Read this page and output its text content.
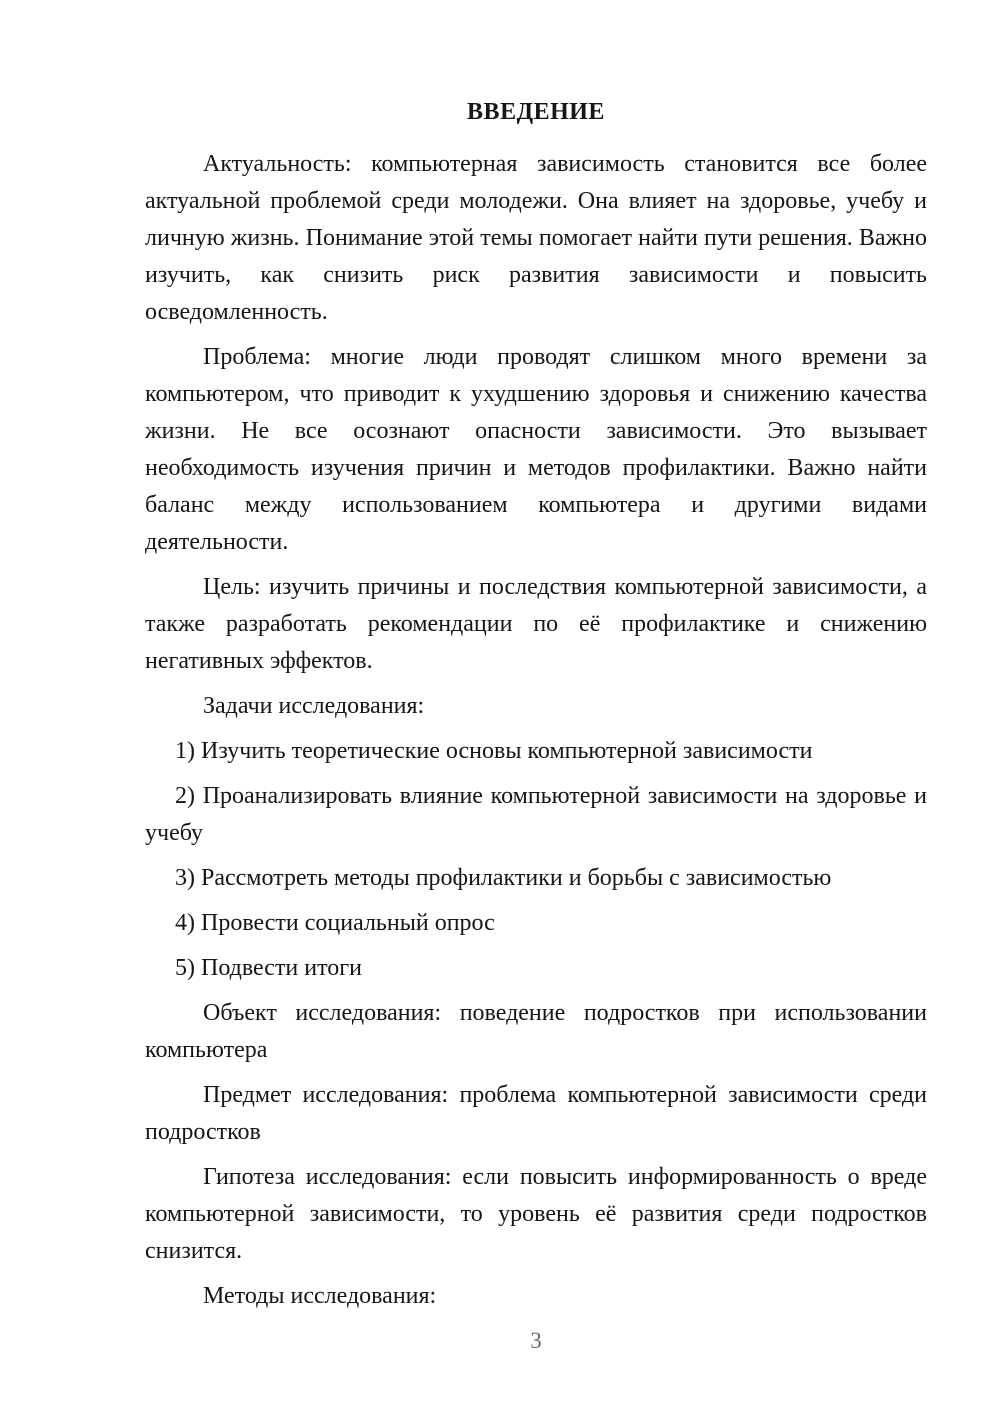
ВВЕДЕНИЕ

Актуальность: компьютерная зависимость становится все более актуальной проблемой среди молодежи. Она влияет на здоровье, учебу и личную жизнь. Понимание этой темы помогает найти пути решения. Важно изучить, как снизить риск развития зависимости и повысить осведомленность.

Проблема: многие люди проводят слишком много времени за компьютером, что приводит к ухудшению здоровья и снижению качества жизни. Не все осознают опасности зависимости. Это вызывает необходимость изучения причин и методов профилактики. Важно найти баланс между использованием компьютера и другими видами деятельности.

Цель: изучить причины и последствия компьютерной зависимости, а также разработать рекомендации по её профилактике и снижению негативных эффектов.

Задачи исследования:

1) Изучить теоретические основы компьютерной зависимости

2) Проанализировать влияние компьютерной зависимости на здоровье и учебу

3) Рассмотреть методы профилактики и борьбы с зависимостью

4) Провести социальный опрос

5) Подвести итоги

Объект исследования: поведение подростков при использовании компьютера

Предмет исследования: проблема компьютерной зависимости среди подростков

Гипотеза исследования: если повысить информированность о вреде компьютерной зависимости, то уровень её развития среди подростков снизится.

Методы исследования:

3
